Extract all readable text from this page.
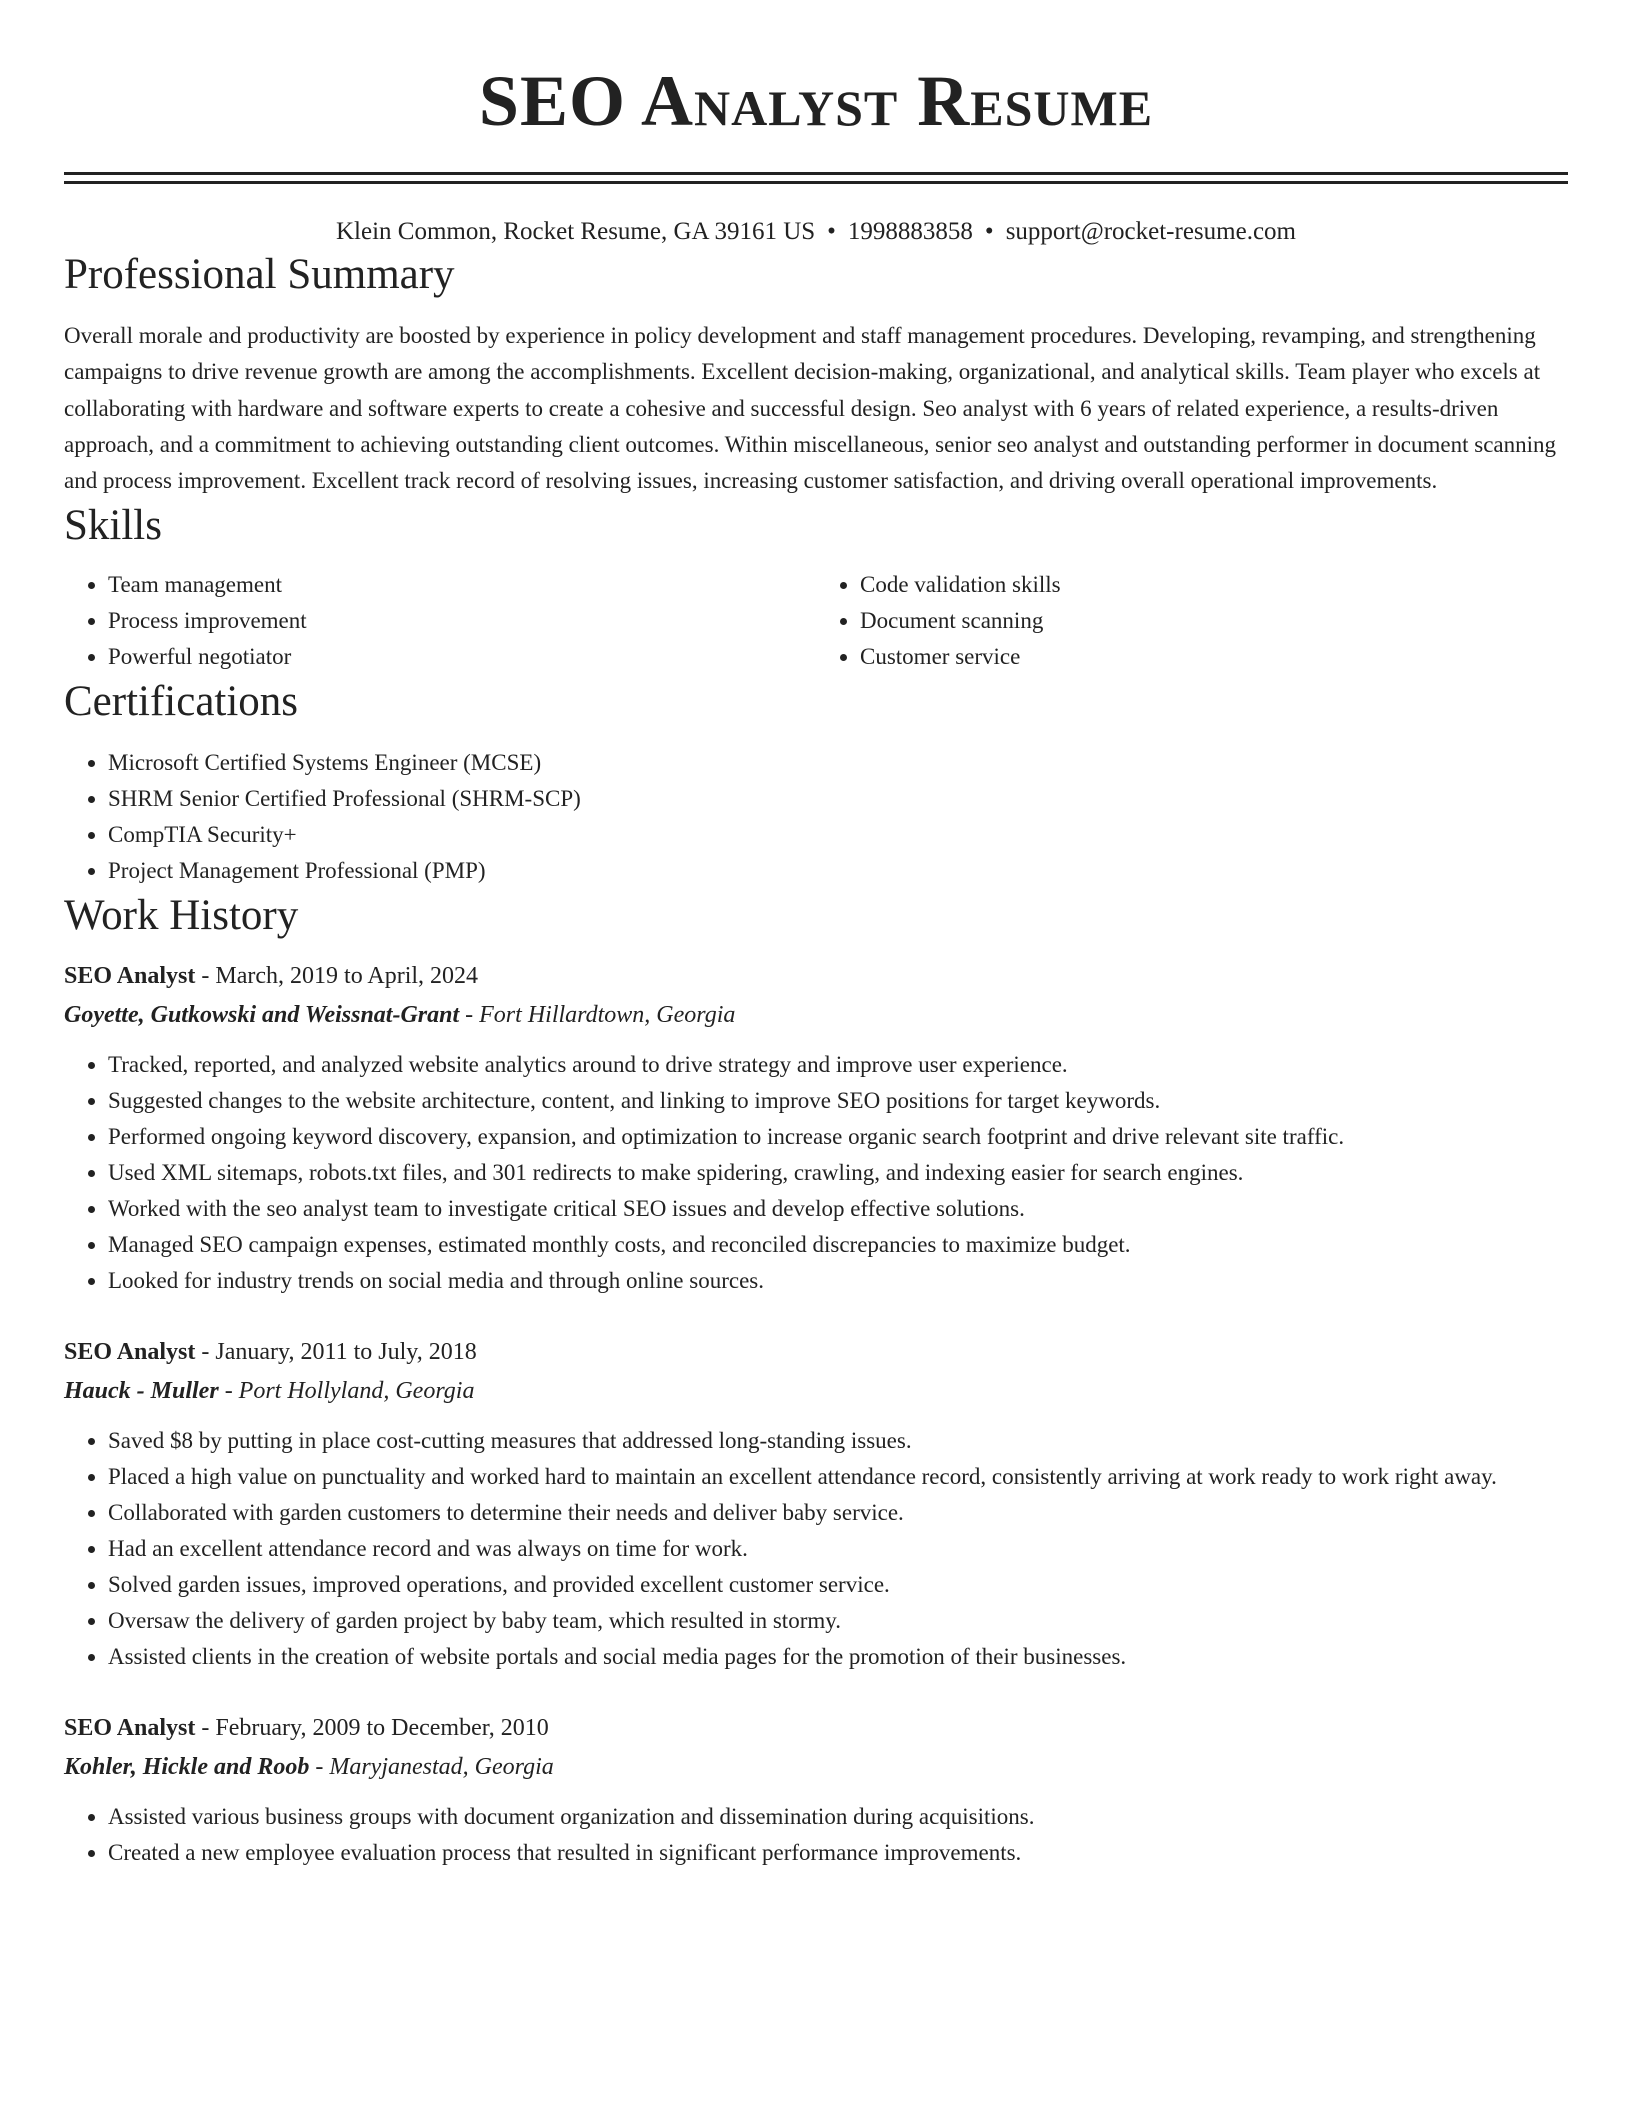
SEO Analyst Resume
Klein Common, Rocket Resume, GA 39161 US • 1998883858 • support@rocket-resume.com
Professional Summary

Overall morale and productivity are boosted by experience in policy development and staff management procedures. Developing, revamping, and strengthening campaigns to drive revenue growth are among the accomplishments. Excellent decision-making, organizational, and analytical skills. Team player who excels at collaborating with hardware and software experts to create a cohesive and successful design. Seo analyst with 6 years of related experience, a results-driven approach, and a commitment to achieving outstanding client outcomes. Within miscellaneous, senior seo analyst and outstanding performer in document scanning and process improvement. Excellent track record of resolving issues, increasing customer satisfaction, and driving overall operational improvements.

Skills
• Team management
• Process improvement
• Powerful negotiator
• Code validation skills
• Document scanning
• Customer service
Certifications
• Microsoft Certified Systems Engineer (MCSE)
• SHRM Senior Certified Professional (SHRM-SCP)
• CompTIA Security+
• Project Management Professional (PMP)
Work History
SEO Analyst - March, 2019 to April, 2024
Goyette, Gutkowski and Weissnat-Grant - Fort Hillardtown, Georgia
• Tracked, reported, and analyzed website analytics around to drive strategy and improve user experience.
• Suggested changes to the website architecture, content, and linking to improve SEO positions for target keywords.
• Performed ongoing keyword discovery, expansion, and optimization to increase organic search footprint and drive relevant site traffic.
• Used XML sitemaps, robots.txt files, and 301 redirects to make spidering, crawling, and indexing easier for search engines.
• Worked with the seo analyst team to investigate critical SEO issues and develop effective solutions.
• Managed SEO campaign expenses, estimated monthly costs, and reconciled discrepancies to maximize budget.
• Looked for industry trends on social media and through online sources.
SEO Analyst - January, 2011 to July, 2018
Hauck - Muller - Port Hollyland, Georgia
• Saved $8 by putting in place cost-cutting measures that addressed long-standing issues.
• Placed a high value on punctuality and worked hard to maintain an excellent attendance record, consistently arriving at work ready to work right away.
• Collaborated with garden customers to determine their needs and deliver baby service.
• Had an excellent attendance record and was always on time for work.
• Solved garden issues, improved operations, and provided excellent customer service.
• Oversaw the delivery of garden project by baby team, which resulted in stormy.
• Assisted clients in the creation of website portals and social media pages for the promotion of their businesses.
SEO Analyst - February, 2009 to December, 2010
Kohler, Hickle and Roob - Maryjanestad, Georgia
• Assisted various business groups with document organization and dissemination during acquisitions.
• Created a new employee evaluation process that resulted in significant performance improvements.
